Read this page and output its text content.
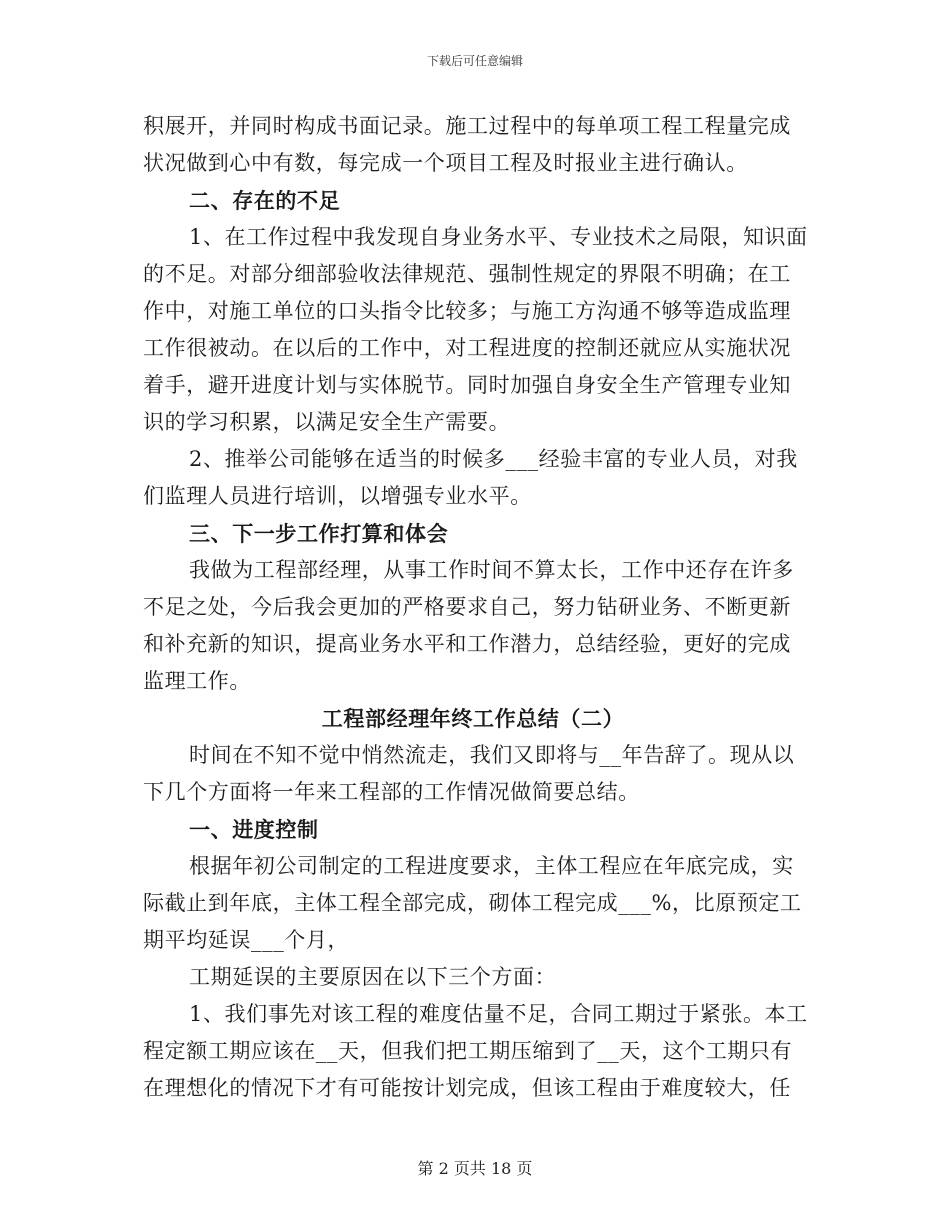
下载后可任意编辑
积展开，并同时构成书面记录。施工过程中的每单项工程工程量完成
状况做到心中有数，每完成一个项目工程及时报业主进行确认。
二、存在的不足
1、在工作过程中我发现自身业务水平、专业技术之局限，知识面
的不足。对部分细部验收法律规范、强制性规定的界限不明确；在工
作中，对施工单位的口头指令比较多；与施工方沟通不够等造成监理
工作很被动。在以后的工作中，对工程进度的控制还就应从实施状况
着手，避开进度计划与实体脱节。同时加强自身安全生产管理专业知
识的学习积累，以满足安全生产需要。
2、推举公司能够在适当的时候多___经验丰富的专业人员，对我
们监理人员进行培训，以增强专业水平。
三、下一步工作打算和体会
我做为工程部经理，从事工作时间不算太长，工作中还存在许多
不足之处，今后我会更加的严格要求自己，努力钻研业务、不断更新
和补充新的知识，提高业务水平和工作潜力，总结经验，更好的完成
监理工作。
工程部经理年终工作总结（二）
时间在不知不觉中悄然流走，我们又即将与__年告辞了。现从以
下几个方面将一年来工程部的工作情况做简要总结。
一、进度控制
根据年初公司制定的工程进度要求，主体工程应在年底完成，实
际截止到年底，主体工程全部完成，砌体工程完成___%，比原预定工
期平均延误___个月，
工期延误的主要原因在以下三个方面：
1、我们事先对该工程的难度估量不足，合同工期过于紧张。本工
程定额工期应该在__天，但我们把工期压缩到了__天，这个工期只有
在理想化的情况下才有可能按计划完成，但该工程由于难度较大，任
第 2 页共 18 页
